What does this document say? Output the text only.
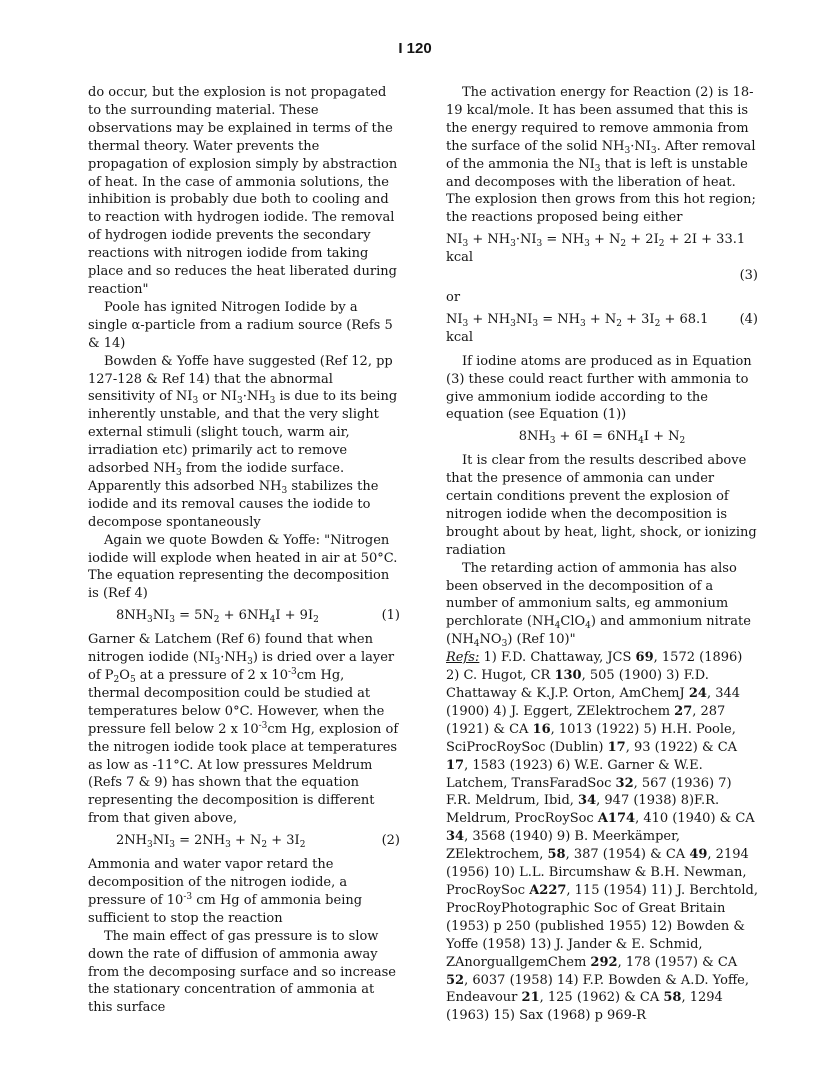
I 120

do occur, but the explosion is not propagated to the surrounding material. These observations may be explained in terms of the thermal theory. Water prevents the propagation of explosion simply by abstraction of heat. In the case of ammonia solutions, the inhibition is probably due both to cooling and to reaction with hydrogen iodide. The removal of hydrogen iodide prevents the secondary reactions with nitrogen iodide from taking place and so reduces the heat liberated during reaction"

Poole has ignited Nitrogen Iodide by a single α-particle from a radium source (Refs 5 & 14)

Bowden & Yoffe have suggested (Ref 12, pp 127-128 & Ref 14) that the abnormal sensitivity of $NI_3$ or $NI_3\cdot NH_3$ is due to its being inherently unstable, and that the very slight external stimuli (slight touch, warm air, irradiation etc) primarily act to remove adsorbed $NH_3$ from the iodide surface. Apparently this adsorbed $NH_3$ stabilizes the iodide and its removal causes the iodide to decompose spontaneously

Again we quote Bowden & Yoffe: "Nitrogen iodide will explode when heated in air at 50°C. The equation representing the decomposition is (Ref 4)

$8NH_3NI_3 = 5N_2 + 6NH_4I + 9I_2$	(1)

Garner & Latchem (Ref 6) found that when nitrogen iodide $(NI_3\cdot NH_3)$ is dried over a layer of $P_2O_5$ at a pressure of 2 x $10^{-3}cm$ Hg, thermal decomposition could be studied at temperatures below 0°C. However, when the pressure fell below 2 x $10^{-3}cm$ Hg, explosion of the nitrogen iodide took place at temperatures as low as -11°C. At low pressures Meldrum (Refs 7 & 9) has shown that the equation representing the decomposition is different from that given above,

$2NH_3NI_3 = 2NH_3 + N_2 + 3I_2$	(2)

Ammonia and water vapor retard the decomposition of the nitrogen iodide, a pressure of $10^{-3}$ cm Hg of ammonia being sufficient to stop the reaction

The main effect of gas pressure is to slow down the rate of diffusion of ammonia away from the decomposing surface and so increase the stationary concentration of ammonia at this surface

The activation energy for Reaction (2) is 18-19 kcal/mole. It has been assumed that this is the energy required to remove ammonia from the surface of the solid $NH_3\cdot NI_3$. After removal of the ammonia the $NI_3$ that is left is unstable and decomposes with the liberation of heat. The explosion then grows from this hot region; the reactions proposed being either

$NI_3 + NH_3\cdot NI_3 = NH_3 + N_2 + 2I_2 + 2I + 33.1$ kcal
(3)

or

$NI_3 + NH_3NI_3 = NH_3 + N_2 + 3I_2 + 68.1$ kcal
(4)

If iodine atoms are produced as in Equation (3) these could react further with ammonia to give ammonium iodide according to the equation (see Equation (1))

$8NH_3 + 6I = 6NH_4I + N_2$

It is clear from the results described above that the presence of ammonia can under certain conditions prevent the explosion of nitrogen iodide when the decomposition is brought about by heat, light, shock, or ionizing radiation

The retarding action of ammonia has also been observed in the decomposition of a number of ammonium salts, eg ammonium perchlorate $(NH_4ClO_4)$ and ammonium nitrate $(NH_4NO_3)$ (Ref 10)"

Refs: 1) F.D. Chattaway, JCS 69, 1572 (1896) 2) C. Hugot, CR 130, 505 (1900) 3) F.D. Chattaway & K.J.P. Orton, AmChemJ 24, 344 (1900) 4) J. Eggert, ZElektrochem 27, 287 (1921) & CA 16, 1013 (1922) 5) H.H. Poole, SciProcRoySoc (Dublin) 17, 93 (1922) & CA 17, 1583 (1923) 6) W.E. Garner & W.E. Latchem, TransFaradSoc 32, 567 (1936) 7) F.R. Meldrum, Ibid, 34, 947 (1938) 8)F.R. Meldrum, ProcRoySoc A174, 410 (1940) & CA 34, 3568 (1940) 9) B. Meerkämper, ZElektrochem, 58, 387 (1954) & CA 49, 2194 (1956) 10) L.L. Bircumshaw & B.H. Newman, ProcRoySoc A227, 115 (1954) 11) J. Berchtold, ProcRoyPhotographic Soc of Great Britain (1953) p 250 (published 1955) 12) Bowden & Yoffe (1958) 13) J. Jander & E. Schmid, ZAnorguallgemChem 292, 178 (1957) & CA 52, 6037 (1958) 14) F.P. Bowden & A.D. Yoffe, Endeavour 21, 125 (1962) & CA 58, 1294 (1963) 15) Sax (1968) p 969-R
